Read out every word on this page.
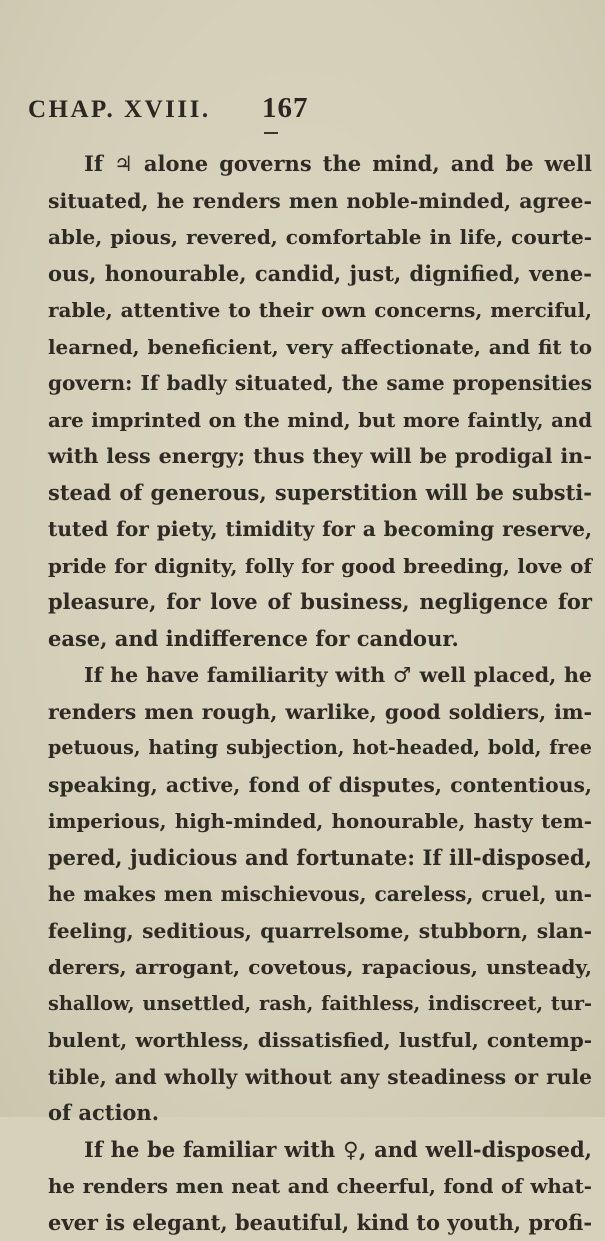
CHAP. XVIII. 167
If ♃ alone governs the mind, and be well
situated, he renders men noble-minded, agree-
able, pious, revered, comfortable in life, courte-
ous, honourable, candid, just, dignified, vene-
rable, attentive to their own concerns, merciful,
learned, beneficient, very affectionate, and fit to
govern: If badly situated, the same propensities
are imprinted on the mind, but more faintly, and
with less energy; thus they will be prodigal in-
stead of generous, superstition will be substi-
tuted for piety, timidity for a becoming reserve,
pride for dignity, folly for good breeding, love of
pleasure, for love of business, negligence for
ease, and indifference for candour.
If he have familiarity with ♂ well placed, he
renders men rough, warlike, good soldiers, im-
petuous, hating subjection, hot-headed, bold, free
speaking, active, fond of disputes, contentious,
imperious, high-minded, honourable, hasty tem-
pered, judicious and fortunate: If ill-disposed,
he makes men mischievous, careless, cruel, un-
feeling, seditious, quarrelsome, stubborn, slan-
derers, arrogant, covetous, rapacious, unsteady,
shallow, unsettled, rash, faithless, indiscreet, tur-
bulent, worthless, dissatisfied, lustful, contemp-
tible, and wholly without any steadiness or rule
of action.
If he be familiar with ♀, and well-disposed,
he renders men neat and cheerful, fond of what-
ever is elegant, beautiful, kind to youth, profi-
